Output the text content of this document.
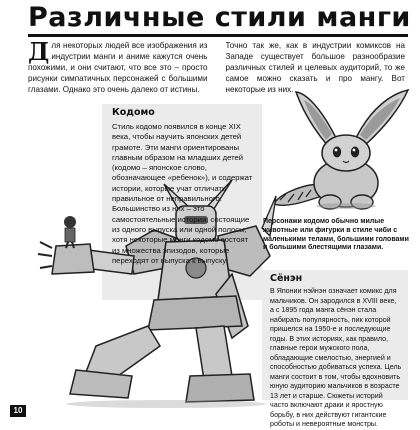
Различные стили манги

Для некоторых людей все изображения из индустрии манги и аниме кажутся очень похожими, и они считают, что все это – просто рисунки симпатичных персонажей с большими глазами. Однако это очень далеко от истины.

Точно так же, как в индустрии комиксов на Западе существует большое разнообразие различных стилей и целевых аудиторий, то же самое можно сказать и про мангу. Вот некоторые из них.

Кодомо

Стиль кодомо появился в конце XIX века, чтобы научить японских детей грамоте. Эти манги ориентированы главным образом на младших детей (кодомо – японское слово, обозначающее «ребенок»), и содержат истории, которые учат отличать правильное от неправильного. Большинство из них – это самостоятельные истории, состоящие из одного выпуска или одной полосы, хотя некоторые манги кодомо состоят из множества эпизодов, которые переходят от выпуска к выпуску.

Персонажи кодомо обычно милые животные или фигурки в стиле чиби с маленькими телами, большими головами и большими блестящими глазами.
Сёнэн

В Японии нэйнэн означает комикс для мальчиков. Он зародился в XVIII веке, а с 1895 года манга сёнэн стала набирать популярность, пик которой пришелся на 1950-е и последующие годы. В этих историях, как правило, главные герои мужского пола, обладающие смелостью, энергией и способностью добиваться успеха. Цель манги состоит в том, чтобы вдохновить юную аудиторию мальчиков в возрасте 13 лет и старше. Сюжеты историй часто включают драки и яростную борьбу, в них действуют гигантские роботы и невероятные монстры.

10
